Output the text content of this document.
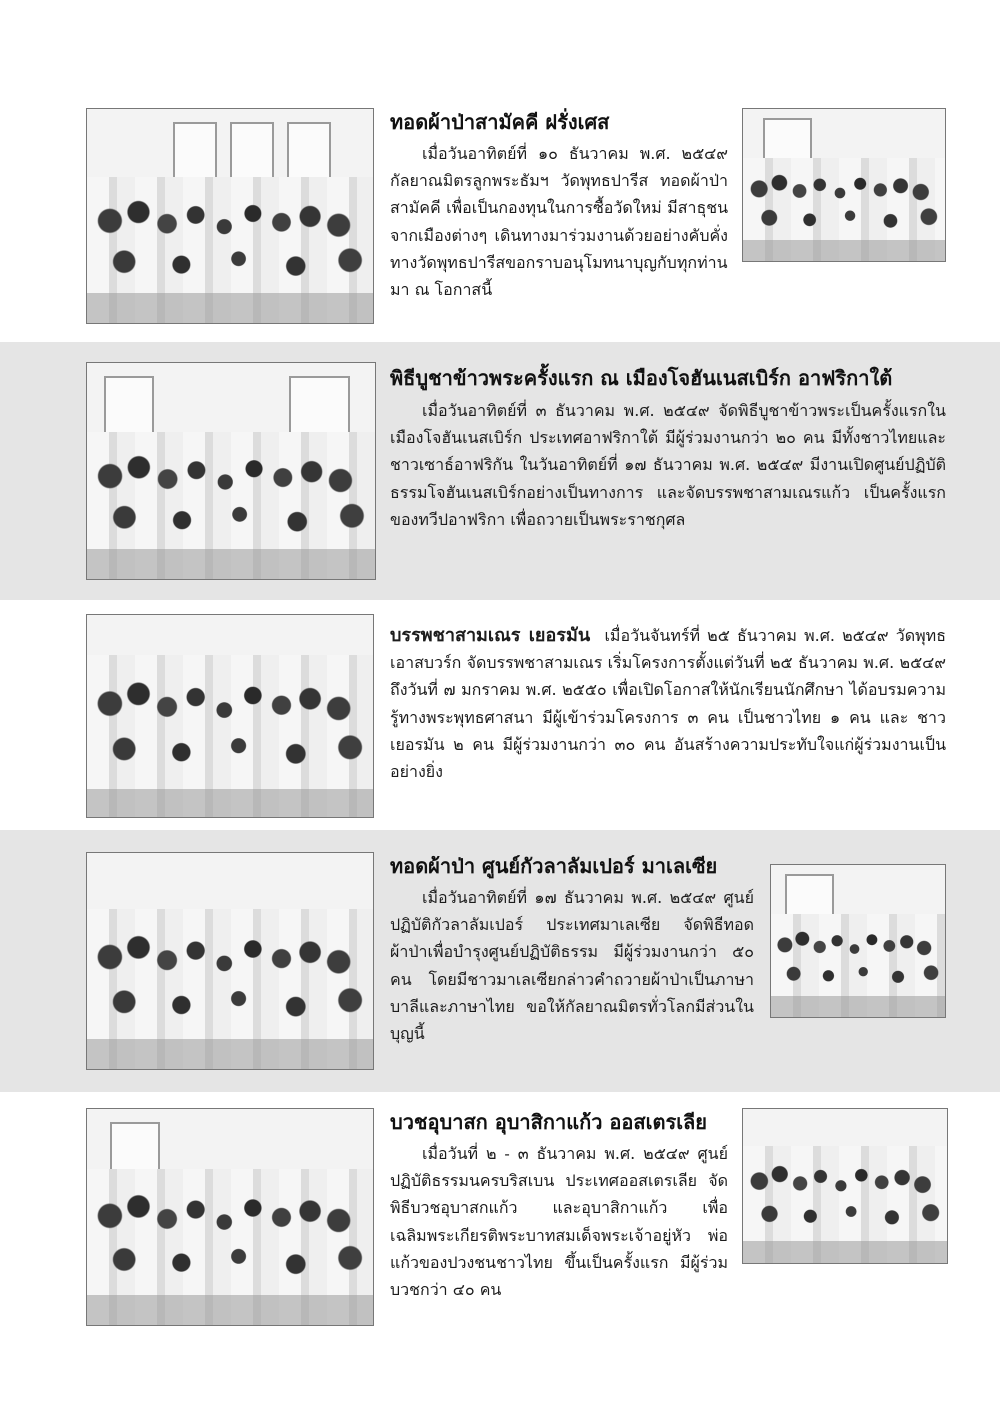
ทอดผ้าป่าสามัคคี ฝรั่งเศส

เมื่อวันอาทิตย์ที่ ๑๐ ธันวาคม พ.ศ. ๒๕๔๙ กัลยาณมิตรลูกพระธัมฯ วัดพุทธปารีส ทอดผ้าป่าสามัคคี เพื่อเป็นกองทุนในการซื้อวัดใหม่ มีสาธุชนจากเมืองต่างๆ เดินทางมาร่วมงานด้วยอย่างคับคั่ง ทางวัดพุทธปารีสขอกราบอนุโมทนาบุญกับทุกท่านมา ณ โอกาสนี้

พิธีบูชาข้าวพระครั้งแรก ณ เมืองโจฮันเนสเบิร์ก อาฟริกาใต้

เมื่อวันอาทิตย์ที่ ๓ ธันวาคม พ.ศ. ๒๕๔๙ จัดพิธีบูชาข้าวพระเป็นครั้งแรกในเมืองโจฮันเนสเบิร์ก ประเทศอาฟริกาใต้ มีผู้ร่วมงานกว่า ๒๐ คน มีทั้งชาวไทยและชาวเซาธ์อาฟริกัน ในวันอาทิตย์ที่ ๑๗ ธันวาคม พ.ศ. ๒๕๔๙ มีงานเปิดศูนย์ปฏิบัติธรรมโจฮันเนสเบิร์กอย่างเป็นทางการ และจัดบรรพชาสามเณรแก้ว เป็นครั้งแรกของทวีปอาฟริกา เพื่อถวายเป็นพระราชกุศล

บรรพชาสามเณร เยอรมัน เมื่อวันจันทร์ที่ ๒๕ ธันวาคม พ.ศ. ๒๕๔๙ วัดพุทธเอาสบวร์ก จัดบรรพชาสามเณร เริ่มโครงการตั้งแต่วันที่ ๒๕ ธันวาคม พ.ศ. ๒๕๔๙ ถึงวันที่ ๗ มกราคม พ.ศ. ๒๕๕๐ เพื่อเปิดโอกาสให้นักเรียนนักศึกษา ได้อบรมความรู้ทางพระพุทธศาสนา มีผู้เข้าร่วมโครงการ ๓ คน เป็นชาวไทย ๑ คน และ ชาวเยอรมัน ๒ คน มีผู้ร่วมงานกว่า ๓๐ คน อันสร้างความประทับใจแก่ผู้ร่วมงานเป็นอย่างยิ่ง

ทอดผ้าป่า ศูนย์กัวลาลัมเปอร์ มาเลเซีย

เมื่อวันอาทิตย์ที่ ๑๗ ธันวาคม พ.ศ. ๒๕๔๙ ศูนย์ปฏิบัติกัวลาลัมเปอร์ ประเทศมาเลเซีย จัดพิธีทอดผ้าป่าเพื่อบำรุงศูนย์ปฏิบัติธรรม มีผู้ร่วมงานกว่า ๕๐ คน โดยมีชาวมาเลเซียกล่าวคำถวายผ้าป่าเป็นภาษาบาลีและภาษาไทย ขอให้กัลยาณมิตรทั่วโลกมีส่วนในบุญนี้

บวชอุบาสก อุบาสิกาแก้ว ออสเตรเลีย

เมื่อวันที่ ๒ - ๓ ธันวาคม พ.ศ. ๒๕๔๙ ศูนย์ปฏิบัติธรรมนครบริสเบน ประเทศออสเตรเลีย จัดพิธีบวชอุบาสกแก้ว และอุบาสิกาแก้ว เพื่อเฉลิมพระเกียรติพระบาทสมเด็จพระเจ้าอยู่หัว พ่อแก้วของปวงชนชาวไทย ขึ้นเป็นครั้งแรก มีผู้ร่วมบวชกว่า ๔๐ คน
